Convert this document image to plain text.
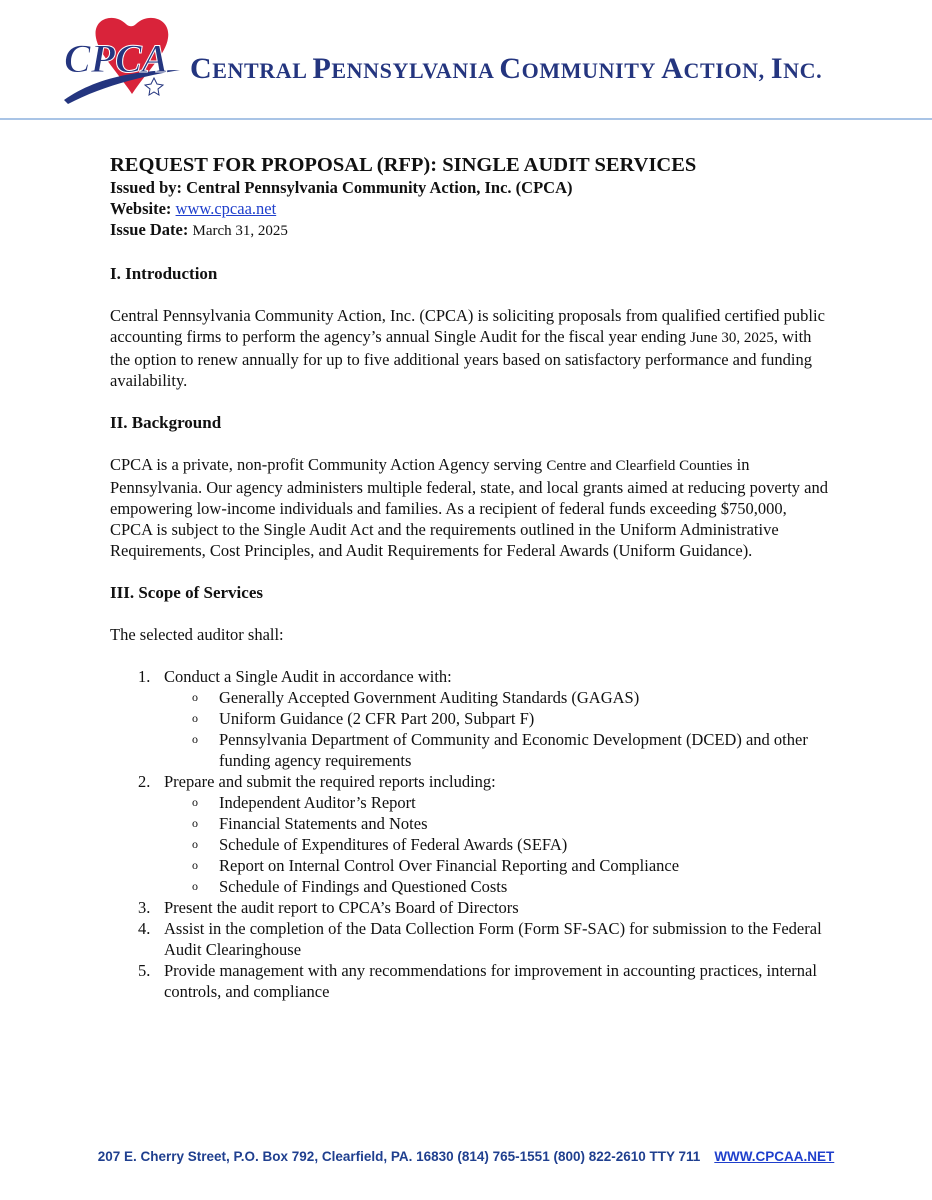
CPCA CENTRAL PENNSYLVANIA COMMUNITY ACTION, INC.

REQUEST FOR PROPOSAL (RFP): SINGLE AUDIT SERVICES

Issued by: Central Pennsylvania Community Action, Inc. (CPCA)

Website: www.cpcaa.net

Issue Date: March 31, 2025

I. Introduction

Central Pennsylvania Community Action, Inc. (CPCA) is soliciting proposals from qualified certified public accounting firms to perform the agency’s annual Single Audit for the fiscal year ending June 30, 2025, with the option to renew annually for up to five additional years based on satisfactory performance and funding availability.

II. Background

CPCA is a private, non-profit Community Action Agency serving Centre and Clearfield Counties in Pennsylvania. Our agency administers multiple federal, state, and local grants aimed at reducing poverty and empowering low-income individuals and families. As a recipient of federal funds exceeding $750,000, CPCA is subject to the Single Audit Act and the requirements outlined in the Uniform Administrative Requirements, Cost Principles, and Audit Requirements for Federal Awards (Uniform Guidance).

III. Scope of Services

The selected auditor shall:

1. Conduct a Single Audit in accordance with:
o Generally Accepted Government Auditing Standards (GAGAS)
o Uniform Guidance (2 CFR Part 200, Subpart F)
o Pennsylvania Department of Community and Economic Development (DCED) and other funding agency requirements
2. Prepare and submit the required reports including:
o Independent Auditor’s Report
o Financial Statements and Notes
o Schedule of Expenditures of Federal Awards (SEFA)
o Report on Internal Control Over Financial Reporting and Compliance
o Schedule of Findings and Questioned Costs
3. Present the audit report to CPCA’s Board of Directors
4. Assist in the completion of the Data Collection Form (Form SF-SAC) for submission to the Federal Audit Clearinghouse
5. Provide management with any recommendations for improvement in accounting practices, internal controls, and compliance
207 E. Cherry Street, P.O. Box 792, Clearfield, PA. 16830 (814) 765-1551 (800) 822-2610 TTY 711 WWW.CPCAA.NET
